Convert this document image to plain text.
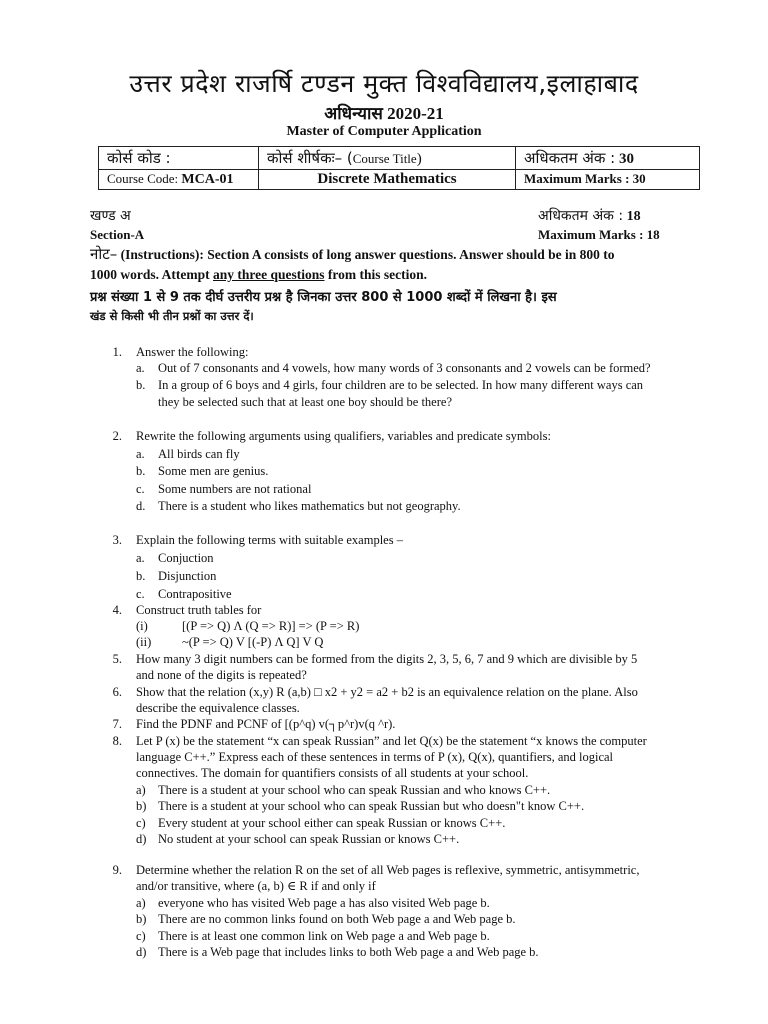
उत्तर प्रदेश राजर्षि टण्डन मुक्त विश्वविद्यालय,इलाहाबाद
अधिन्यास 2020-21
Master of Computer Application
कोर्स कोड :	कोर्स शीर्षकः– (Course Title)	अधिकतम अंक : 30
Course Code: MCA-01	Discrete Mathematics	Maximum Marks : 30
खण्ड अ
Section-A
अधिकतम अंक : 18
Maximum Marks : 18
नोट– (Instructions): Section A consists of long answer questions. Answer should be in 800 to
1000 words. Attempt any three questions from this section.
प्रश्न संख्या 1 से 9 तक दीर्घ उत्तरीय प्रश्न है जिनका उत्तर 800 से 1000 शब्दों में लिखना है। इस
खंड से किसी भी तीन प्रश्नों का उत्तर दें।
1. Answer the following:
a. Out of 7 consonants and 4 vowels, how many words of 3 consonants and 2 vowels can be formed?
b. In a group of 6 boys and 4 girls, four children are to be selected. In how many different ways can
they be selected such that at least one boy should be there?
2. Rewrite the following arguments using qualifiers, variables and predicate symbols:
a. All birds can fly
b. Some men are genius.
c. Some numbers are not rational
d. There is a student who likes mathematics but not geography.
3. Explain the following terms with suitable examples –
a. Conjuction
b. Disjunction
c. Contrapositive
4. Construct truth tables for
(i)	[(P => Q) Λ (Q => R)] => (P => R)
(ii) ~(P => Q) V [(-P) Λ Q] V Q
5. How many 3 digit numbers can be formed from the digits 2, 3, 5, 6, 7 and 9 which are divisible by 5
and none of the digits is repeated?
6. Show that the relation (x,y) R (a,b) □ x2 + y2 = a2 + b2 is an equivalence relation on the plane. Also
describe the equivalence classes.
7. Find the PDNF and PCNF of [(p^q) v(┐p^r)v(q ^r).
8. Let P (x) be the statement “x can speak Russian” and let Q(x) be the statement “x knows the computer
language C++.” Express each of these sentences in terms of P (x), Q(x), quantifiers, and logical
connectives. The domain for quantifiers consists of all students at your school.
a) There is a student at your school who can speak Russian and who knows C++.
b) There is a student at your school who can speak Russian but who doesn"t know C++.
c) Every student at your school either can speak Russian or knows C++.
d) No student at your school can speak Russian or knows C++.
9. Determine whether the relation R on the set of all Web pages is reflexive, symmetric, antisymmetric,
and/or transitive, where (a, b) ∈ R if and only if
a) everyone who has visited Web page a has also visited Web page b.
b) There are no common links found on both Web page a and Web page b.
c) There is at least one common link on Web page a and Web page b.
d) There is a Web page that includes links to both Web page a and Web page b.
